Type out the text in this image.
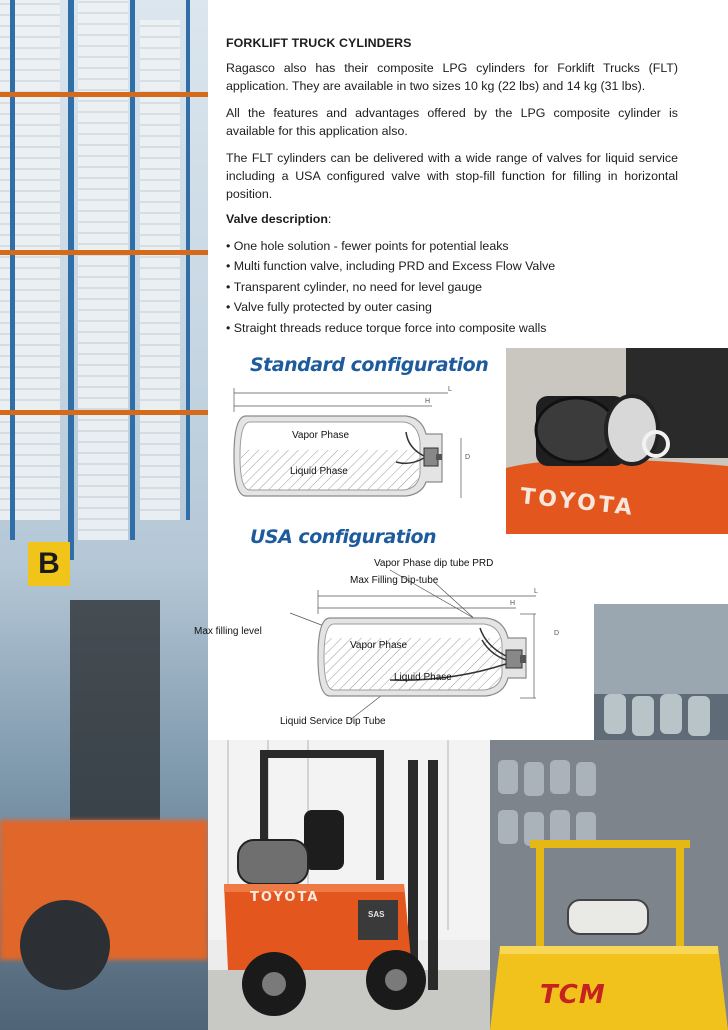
B
FORKLIFT TRUCK CYLINDERS

Ragasco also has their composite LPG cylinders for Forklift Trucks (FLT) application. They are available in two sizes 10 kg (22 lbs) and 14 kg (31 lbs).

All the features and advantages offered by the LPG composite cylinder is available for this application also.

The FLT cylinders can be delivered with a wide range of valves for liquid service including a USA configured valve with stop-fill function for filling in horizontal position.

Valve description:
• One hole solution - fewer points for potential leaks
• Multi function valve, including PRD and Excess Flow Valve
• Transparent cylinder, no need for level gauge
• Valve fully protected by outer casing
• Straight threads reduce torque force into composite walls
Standard configuration
L
H
D
Vapor Phase
Liquid Phase
TOYOTA
USA configuration
Vapor Phase dip tube PRD
Max Filling Dip-tube
Max filling level
Vapor Phase
Liquid Phase
Liquid Service Dip Tube
L
H
D
TOYOTA
SAS
TCM
